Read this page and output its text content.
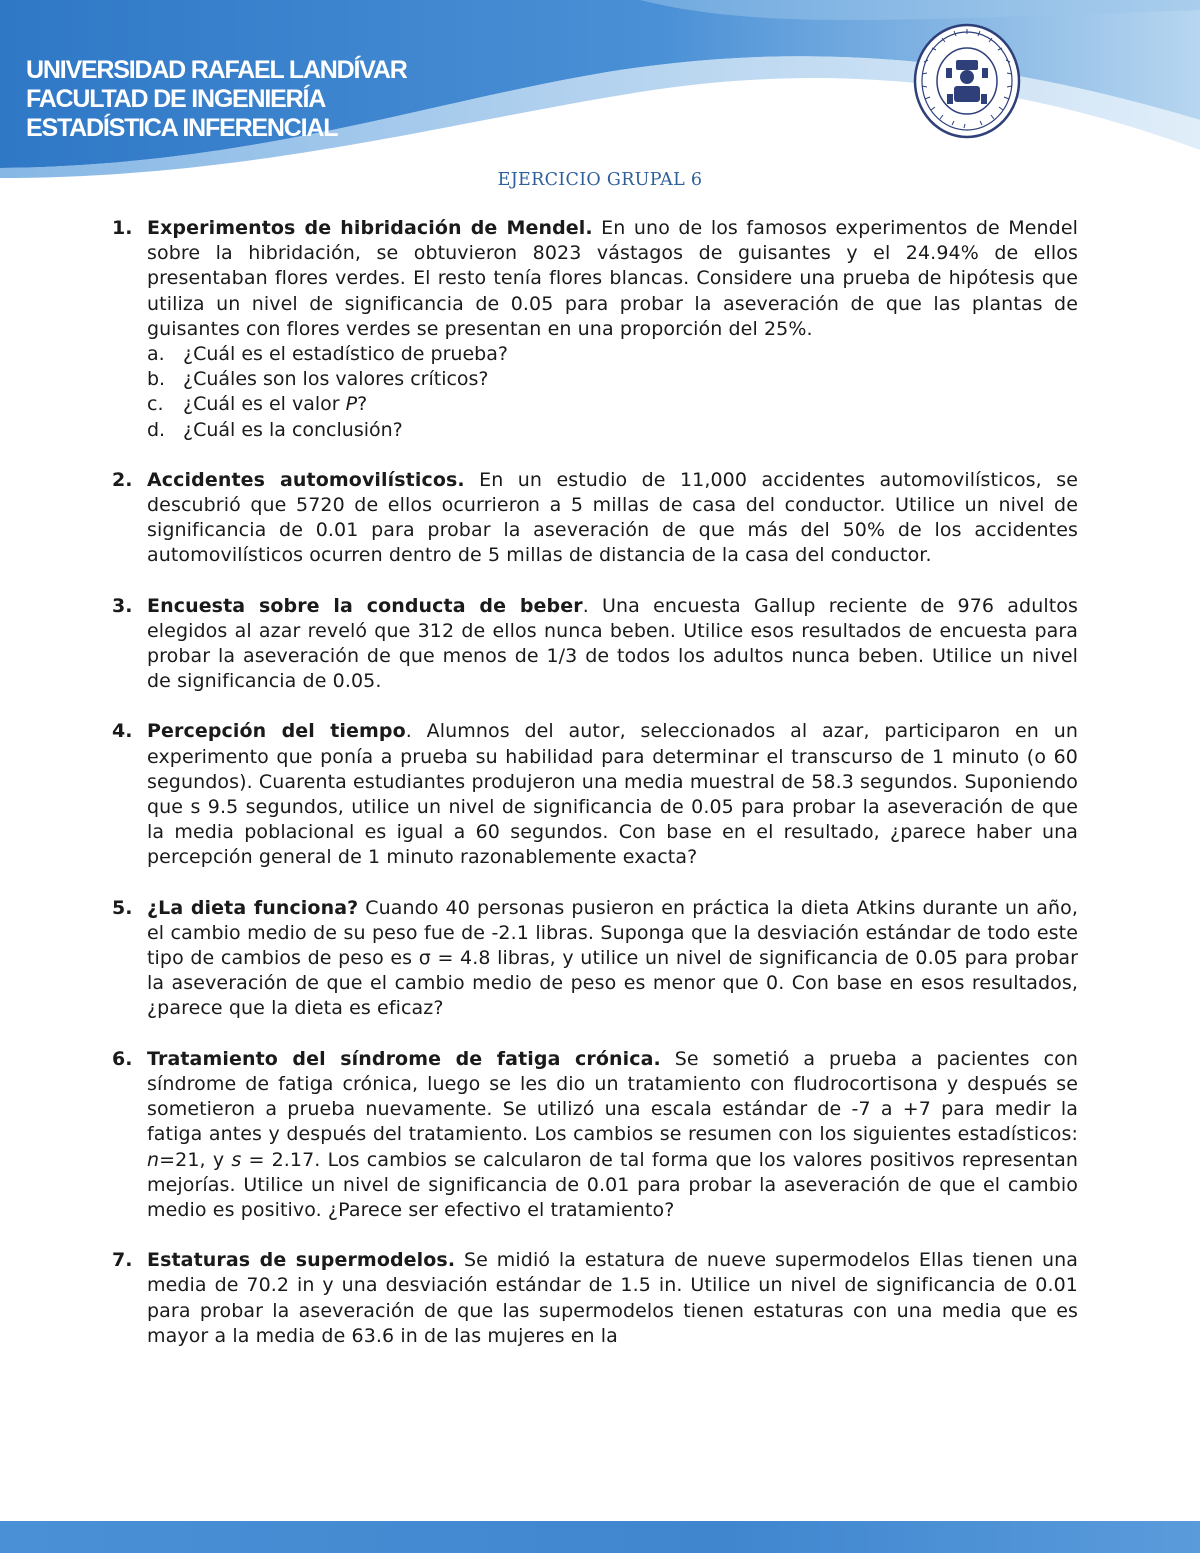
UNIVERSIDAD RAFAEL LANDÍVAR
FACULTAD DE INGENIERÍA
ESTADÍSTICA INFERENCIAL
EJERCICIO GRUPAL 6
1. Experimentos de hibridación de Mendel. En uno de los famosos experimentos de Mendel sobre la hibridación, se obtuvieron 8023 vástagos de guisantes y el 24.94% de ellos presentaban flores verdes. El resto tenía flores blancas. Considere una prueba de hipótesis que utiliza un nivel de significancia de 0.05 para probar la aseveración de que las plantas de guisantes con flores verdes se presentan en una proporción del 25%.
a. ¿Cuál es el estadístico de prueba?
b. ¿Cuáles son los valores críticos?
c. ¿Cuál es el valor P?
d. ¿Cuál es la conclusión?
2. Accidentes automovilísticos. En un estudio de 11,000 accidentes automovilísticos, se descubrió que 5720 de ellos ocurrieron a 5 millas de casa del conductor. Utilice un nivel de significancia de 0.01 para probar la aseveración de que más del 50% de los accidentes automovilísticos ocurren dentro de 5 millas de distancia de la casa del conductor.
3. Encuesta sobre la conducta de beber. Una encuesta Gallup reciente de 976 adultos elegidos al azar reveló que 312 de ellos nunca beben. Utilice esos resultados de encuesta para probar la aseveración de que menos de 1/3 de todos los adultos nunca beben. Utilice un nivel de significancia de 0.05.
4. Percepción del tiempo. Alumnos del autor, seleccionados al azar, participaron en un experimento que ponía a prueba su habilidad para determinar el transcurso de 1 minuto (o 60 segundos). Cuarenta estudiantes produjeron una media muestral de 58.3 segundos. Suponiendo que s 9.5 segundos, utilice un nivel de significancia de 0.05 para probar la aseveración de que la media poblacional es igual a 60 segundos. Con base en el resultado, ¿parece haber una percepción general de 1 minuto razonablemente exacta?
5. ¿La dieta funciona? Cuando 40 personas pusieron en práctica la dieta Atkins durante un año, el cambio medio de su peso fue de -2.1 libras. Suponga que la desviación estándar de todo este tipo de cambios de peso es σ = 4.8 libras, y utilice un nivel de significancia de 0.05 para probar la aseveración de que el cambio medio de peso es menor que 0. Con base en esos resultados, ¿parece que la dieta es eficaz?
6. Tratamiento del síndrome de fatiga crónica. Se sometió a prueba a pacientes con síndrome de fatiga crónica, luego se les dio un tratamiento con fludrocortisona y después se sometieron a prueba nuevamente. Se utilizó una escala estándar de -7 a +7 para medir la fatiga antes y después del tratamiento. Los cambios se resumen con los siguientes estadísticos: n=21, y s = 2.17. Los cambios se calcularon de tal forma que los valores positivos representan mejorías. Utilice un nivel de significancia de 0.01 para probar la aseveración de que el cambio medio es positivo. ¿Parece ser efectivo el tratamiento?
7. Estaturas de supermodelos. Se midió la estatura de nueve supermodelos Ellas tienen una media de 70.2 in y una desviación estándar de 1.5 in. Utilice un nivel de significancia de 0.01 para probar la aseveración de que las supermodelos tienen estaturas con una media que es mayor a la media de 63.6 in de las mujeres en la
